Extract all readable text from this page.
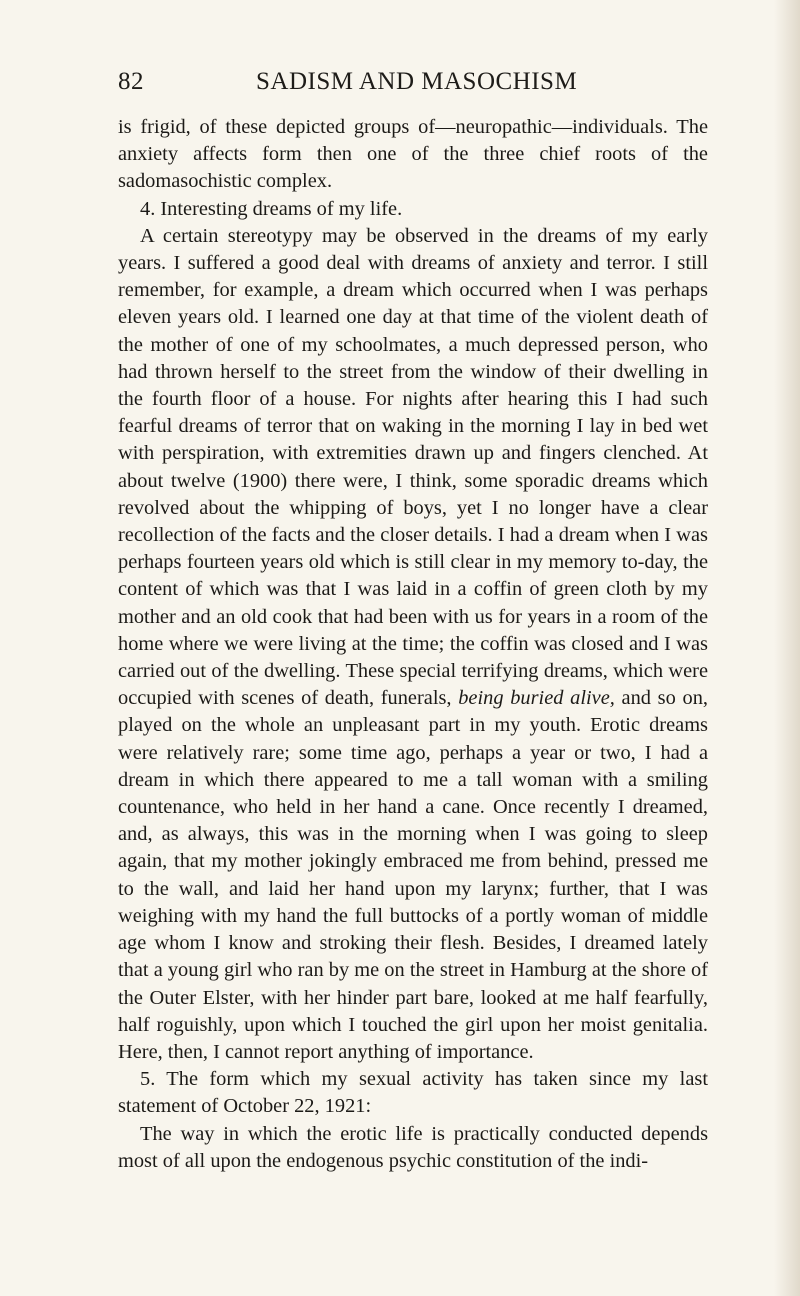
82	SADISM AND MASOCHISM

is frigid, of these depicted groups of—neuropathic—individuals. The anxiety affects form then one of the three chief roots of the sadomasochistic complex.

4. Interesting dreams of my life.

A certain stereotypy may be observed in the dreams of my early years. I suffered a good deal with dreams of anxiety and terror. I still remember, for example, a dream which occurred when I was perhaps eleven years old. I learned one day at that time of the violent death of the mother of one of my schoolmates, a much depressed person, who had thrown herself to the street from the window of their dwelling in the fourth floor of a house. For nights after hearing this I had such fearful dreams of terror that on waking in the morning I lay in bed wet with perspiration, with extremities drawn up and fingers clenched. At about twelve (1900) there were, I think, some sporadic dreams which revolved about the whipping of boys, yet I no longer have a clear recollection of the facts and the closer details. I had a dream when I was perhaps fourteen years old which is still clear in my memory to-day, the content of which was that I was laid in a coffin of green cloth by my mother and an old cook that had been with us for years in a room of the home where we were living at the time; the coffin was closed and I was carried out of the dwelling. These special terrifying dreams, which were occupied with scenes of death, funerals, being buried alive, and so on, played on the whole an unpleasant part in my youth. Erotic dreams were relatively rare; some time ago, perhaps a year or two, I had a dream in which there appeared to me a tall woman with a smiling countenance, who held in her hand a cane. Once recently I dreamed, and, as always, this was in the morning when I was going to sleep again, that my mother jokingly embraced me from behind, pressed me to the wall, and laid her hand upon my larynx; further, that I was weighing with my hand the full buttocks of a portly woman of middle age whom I know and stroking their flesh. Besides, I dreamed lately that a young girl who ran by me on the street in Hamburg at the shore of the Outer Elster, with her hinder part bare, looked at me half fearfully, half roguishly, upon which I touched the girl upon her moist genitalia. Here, then, I cannot report anything of importance.

5. The form which my sexual activity has taken since my last statement of October 22, 1921:

The way in which the erotic life is practically conducted depends most of all upon the endogenous psychic constitution of the indi-
